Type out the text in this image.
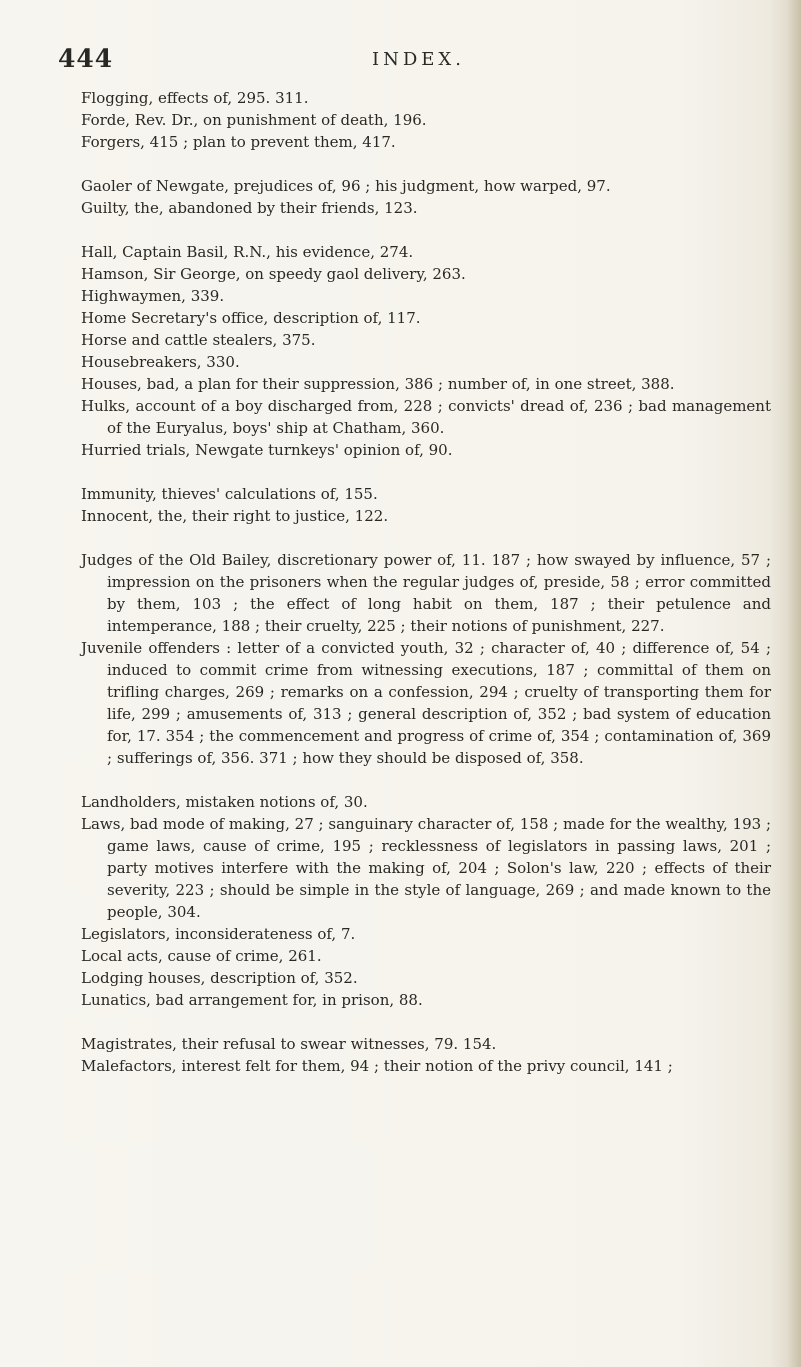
444	INDEX.
Flogging, effects of, 295. 311.
Forde, Rev. Dr., on punishment of death, 196.
Forgers, 415 ; plan to prevent them, 417.
Gaoler of Newgate, prejudices of, 96 ; his judgment, how warped, 97.
Guilty, the, abandoned by their friends, 123.
Hall, Captain Basil, R.N., his evidence, 274.
Hamson, Sir George, on speedy gaol delivery, 263.
Highwaymen, 339.
Home Secretary's office, description of, 117.
Horse and cattle stealers, 375.
Housebreakers, 330.
Houses, bad, a plan for their suppression, 386 ; number of, in one street, 388.
Hulks, account of a boy discharged from, 228 ; convicts' dread of, 236 ; bad management of the Euryalus, boys' ship at Chatham, 360.
Hurried trials, Newgate turnkeys' opinion of, 90.
Immunity, thieves' calculations of, 155.
Innocent, the, their right to justice, 122.
Judges of the Old Bailey, discretionary power of, 11. 187 ; how swayed by influence, 57 ; impression on the prisoners when the regular judges of, preside, 58 ; error committed by them, 103 ; the effect of long habit on them, 187 ; their petulence and intemperance, 188 ; their cruelty, 225 ; their notions of punishment, 227.
Juvenile offenders : letter of a convicted youth, 32 ; character of, 40 ; difference of, 54 ; induced to commit crime from witnessing executions, 187 ; committal of them on trifling charges, 269 ; remarks on a confession, 294 ; cruelty of transporting them for life, 299 ; amusements of, 313 ; general description of, 352 ; bad system of education for, 17. 354 ; the commencement and progress of crime of, 354 ; contamination of, 369 ; sufferings of, 356. 371 ; how they should be disposed of, 358.
Landholders, mistaken notions of, 30.
Laws, bad mode of making, 27 ; sanguinary character of, 158 ; made for the wealthy, 193 ; game laws, cause of crime, 195 ; recklessness of legislators in passing laws, 201 ; party motives interfere with the making of, 204 ; Solon's law, 220 ; effects of their severity, 223 ; should be simple in the style of language, 269 ; and made known to the people, 304.
Legislators, inconsiderateness of, 7.
Local acts, cause of crime, 261.
Lodging houses, description of, 352.
Lunatics, bad arrangement for, in prison, 88.
Magistrates, their refusal to swear witnesses, 79. 154.
Malefactors, interest felt for them, 94 ; their notion of the privy council, 141 ;
